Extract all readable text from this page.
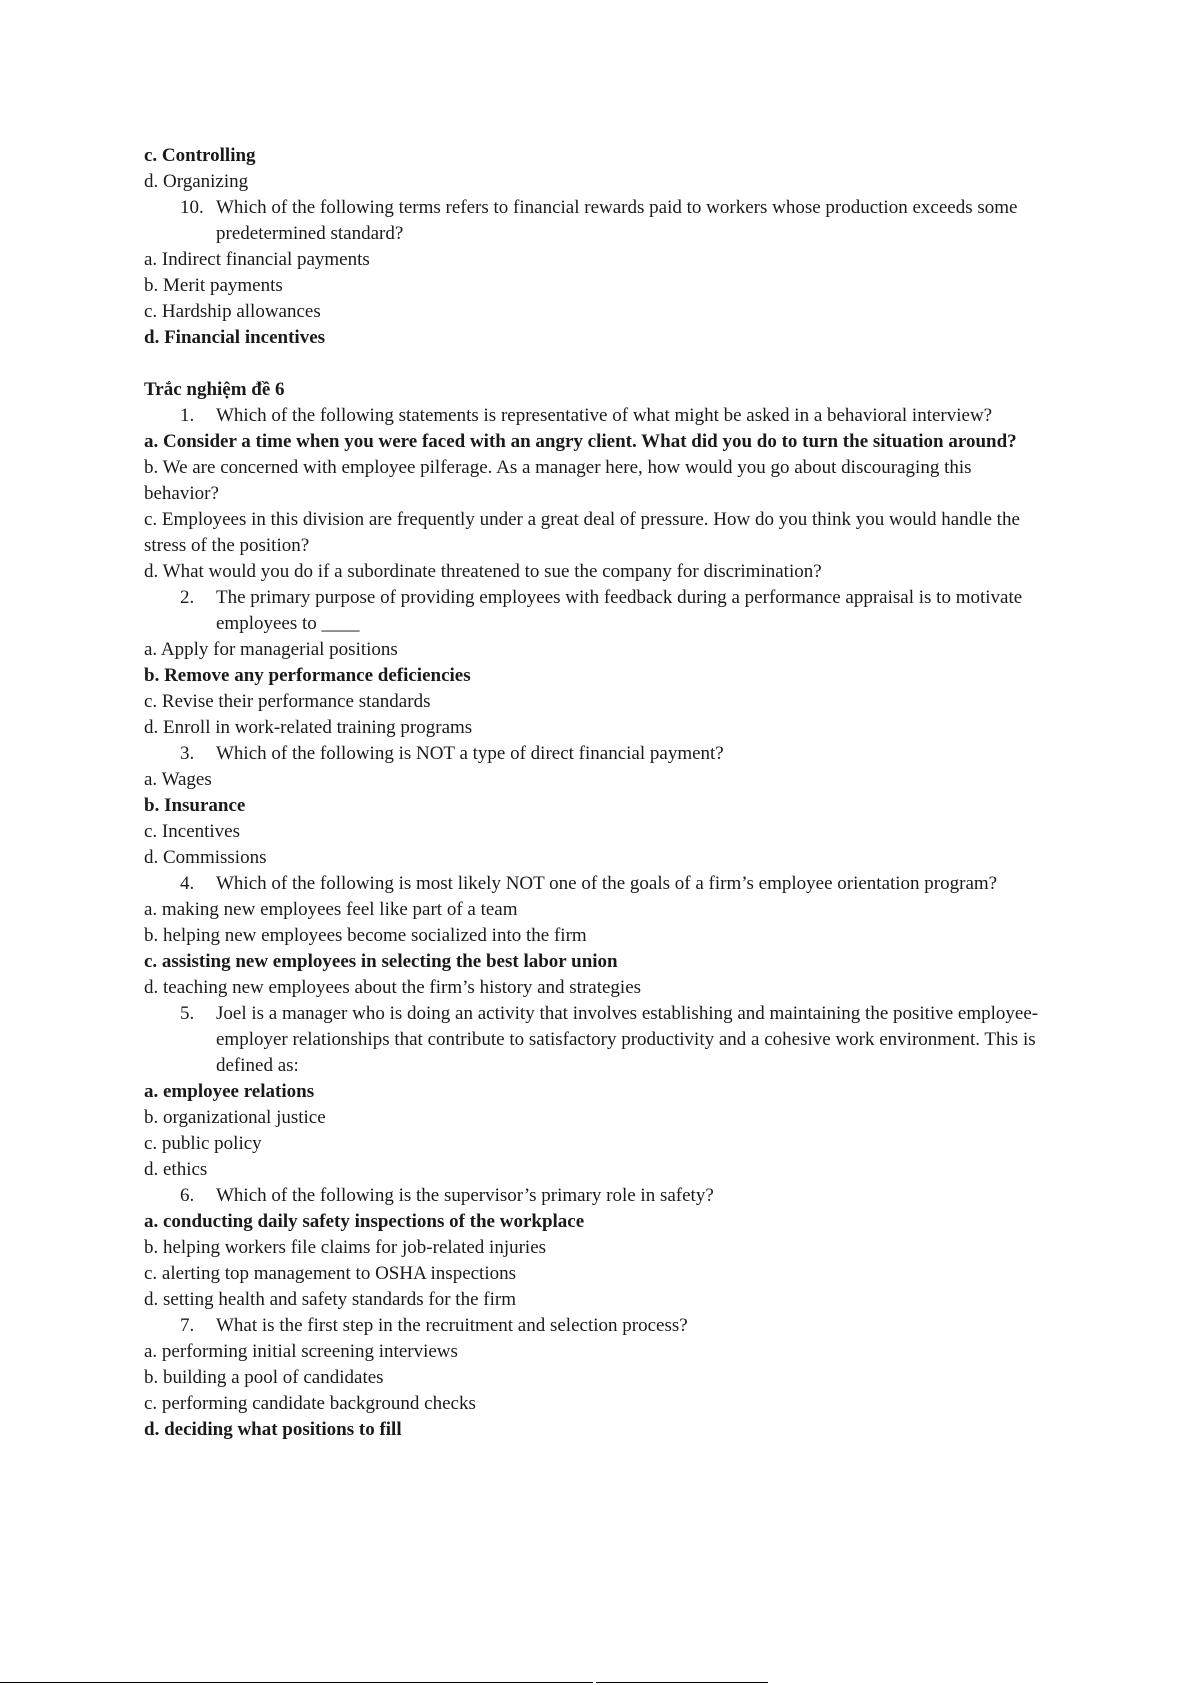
c. Controlling
d. Organizing
10. Which of the following terms refers to financial rewards paid to workers whose production exceeds some predetermined standard?
a. Indirect financial payments
b. Merit payments
c. Hardship allowances
d. Financial incentives
Trắc nghiệm đề 6
1.	Which of the following statements is representative of what might be asked in a behavioral interview?
a. Consider a time when you were faced with an angry client. What did you do to turn the situation around?
b. We are concerned with employee pilferage. As a manager here, how would you go about discouraging this behavior?
c. Employees in this division are frequently under a great deal of pressure. How do you think you would handle the stress of the position?
d. What would you do if a subordinate threatened to sue the company for discrimination?
2.	The primary purpose of providing employees with feedback during a performance appraisal is to motivate employees to ____
a. Apply for managerial positions
b. Remove any performance deficiencies
c. Revise their performance standards
d. Enroll in work-related training programs
3.	Which of the following is NOT a type of direct financial payment?
a. Wages
b. Insurance
c. Incentives
d. Commissions
4.	Which of the following is most likely NOT one of the goals of a firm’s employee orientation program?
a. making new employees feel like part of a team
b. helping new employees become socialized into the firm
c. assisting new employees in selecting the best labor union
d. teaching new employees about the firm’s history and strategies
5.	Joel is a manager who is doing an activity that involves establishing and maintaining the positive employee-employer relationships that contribute to satisfactory productivity and a cohesive work environment. This is defined as:
a. employee relations
b. organizational justice
c. public policy
d. ethics
6.	Which of the following is the supervisor’s primary role in safety?
a. conducting daily safety inspections of the workplace
b. helping workers file claims for job-related injuries
c. alerting top management to OSHA inspections
d. setting health and safety standards for the firm
7.	What is the first step in the recruitment and selection process?
a. performing initial screening interviews
b. building a pool of candidates
c. performing candidate background checks
d. deciding what positions to fill
